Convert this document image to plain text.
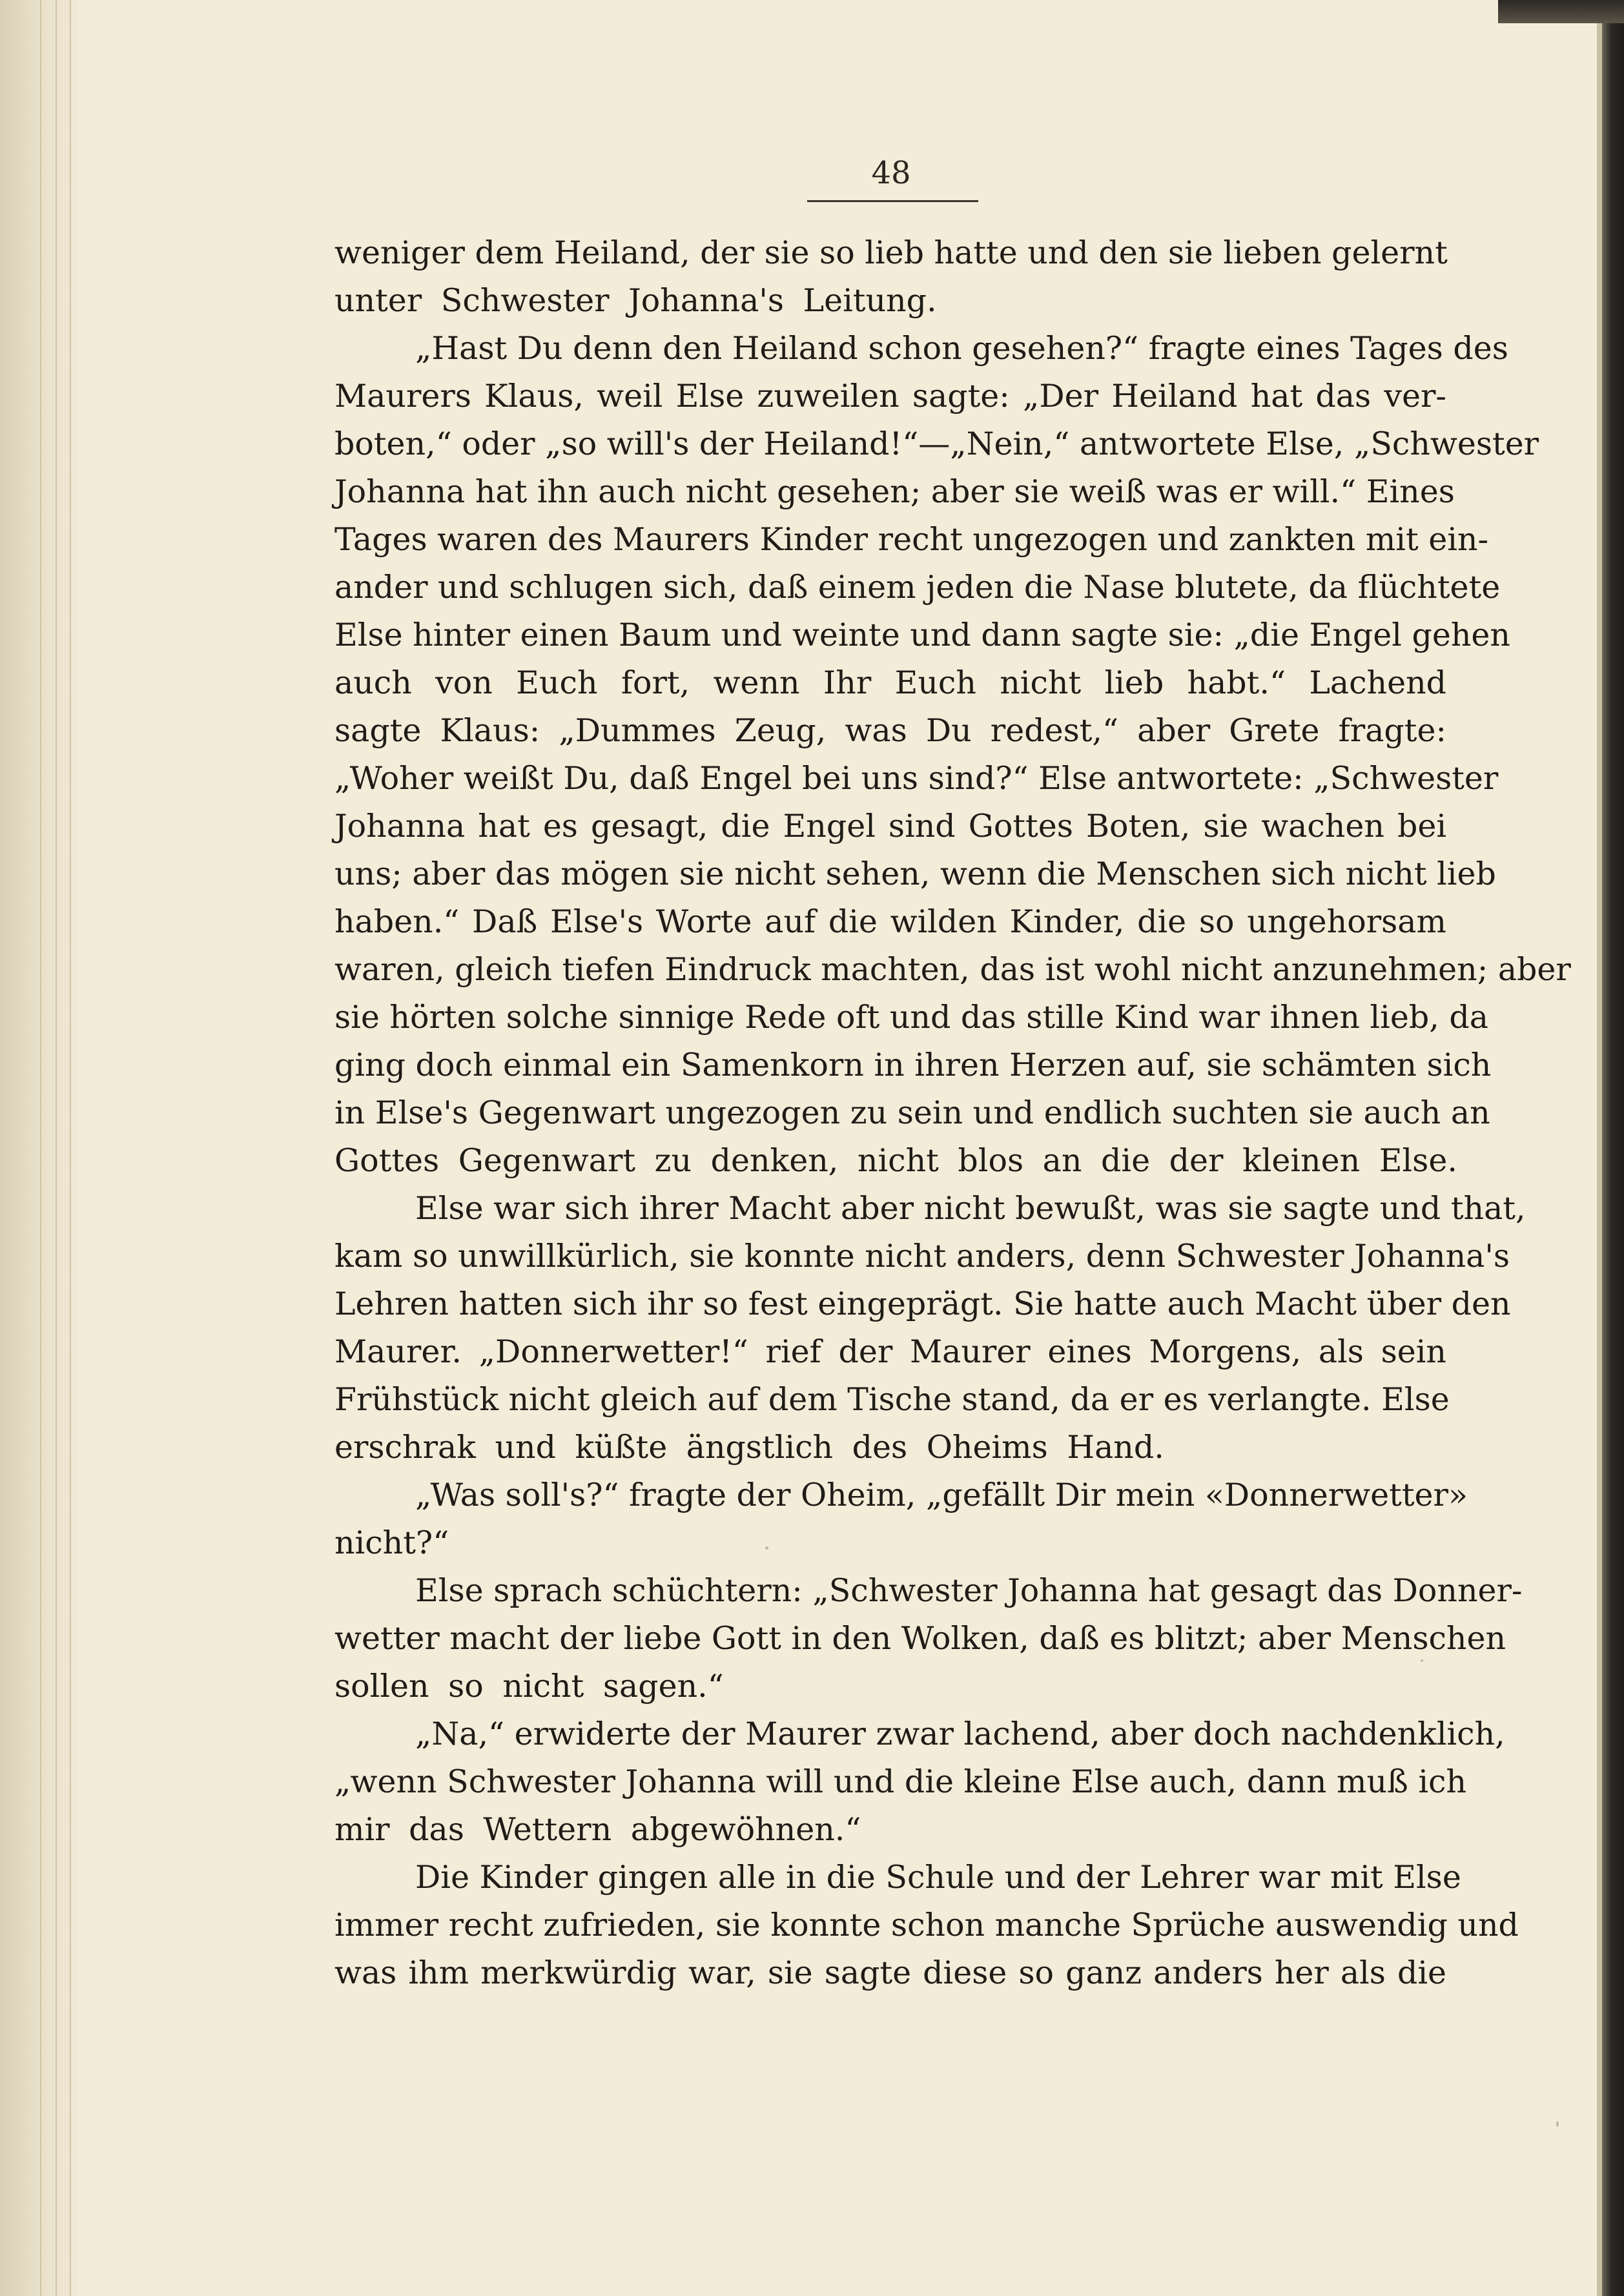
48
weniger dem Heiland, der sie so lieb hatte und den sie lieben gelernt
unter Schwester Johanna's Leitung.
„Hast Du denn den Heiland schon gesehen?“ fragte eines Tages des
Maurers Klaus, weil Else zuweilen sagte: „Der Heiland hat das ver-
boten,“ oder „so will's der Heiland!“—„Nein,“ antwortete Else, „Schwester
Johanna hat ihn auch nicht gesehen; aber sie weiß was er will.“ Eines
Tages waren des Maurers Kinder recht ungezogen und zankten mit ein-
ander und schlugen sich, daß einem jeden die Nase blutete, da flüchtete
Else hinter einen Baum und weinte und dann sagte sie: „die Engel gehen
auch von Euch fort, wenn Ihr Euch nicht lieb habt.“ Lachend
sagte Klaus: „Dummes Zeug, was Du redest,“ aber Grete fragte:
„Woher weißt Du, daß Engel bei uns sind?“ Else antwortete: „Schwester
Johanna hat es gesagt, die Engel sind Gottes Boten, sie wachen bei
uns; aber das mögen sie nicht sehen, wenn die Menschen sich nicht lieb
haben.“ Daß Else's Worte auf die wilden Kinder, die so ungehorsam
waren, gleich tiefen Eindruck machten, das ist wohl nicht anzunehmen; aber
sie hörten solche sinnige Rede oft und das stille Kind war ihnen lieb, da
ging doch einmal ein Samenkorn in ihren Herzen auf, sie schämten sich
in Else's Gegenwart ungezogen zu sein und endlich suchten sie auch an
Gottes Gegenwart zu denken, nicht blos an die der kleinen Else.
Else war sich ihrer Macht aber nicht bewußt, was sie sagte und that,
kam so unwillkürlich, sie konnte nicht anders, denn Schwester Johanna's
Lehren hatten sich ihr so fest eingeprägt. Sie hatte auch Macht über den
Maurer. „Donnerwetter!“ rief der Maurer eines Morgens, als sein
Frühstück nicht gleich auf dem Tische stand, da er es verlangte. Else
erschrak und küßte ängstlich des Oheims Hand.
„Was soll's?“ fragte der Oheim, „gefällt Dir mein «Donnerwetter»
nicht?“
Else sprach schüchtern: „Schwester Johanna hat gesagt das Donner-
wetter macht der liebe Gott in den Wolken, daß es blitzt; aber Menschen
sollen so nicht sagen.“
„Na,“ erwiderte der Maurer zwar lachend, aber doch nachdenklich,
„wenn Schwester Johanna will und die kleine Else auch, dann muß ich
mir das Wettern abgewöhnen.“
Die Kinder gingen alle in die Schule und der Lehrer war mit Else
immer recht zufrieden, sie konnte schon manche Sprüche auswendig und
was ihm merkwürdig war, sie sagte diese so ganz anders her als die
